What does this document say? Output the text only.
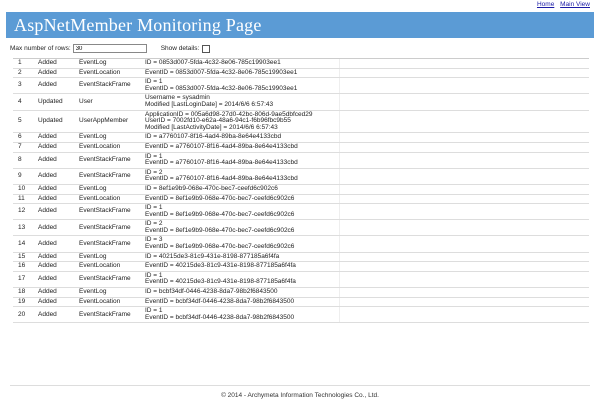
Home Main View
AspNetMember Monitoring Page
Max number of rows:
30	Show details:
1	Added	EventLog	ID = 0853d007-5fda-4c32-8e06-785c19903ee1	

2	Added	EventLocation	EventID = 0853d007-5fda-4c32-8e06-785c19903ee1	

3	Added	EventStackFrame	ID = 1
EventID = 0853d007-5fda-4c32-8e06-785c19903ee1	

4	Updated	User	Username = sysadmin
Modified [LastLoginDate] = 2014/6/6 6:57:43	

5	Updated	UserAppMember	ApplicationID = 005a6d98-27d0-42bc-806d-9ae5dbfced29
UserID = 7002fd10-e62a-48a6-94c1-f6b96fbc9b55
Modified [LastActivityDate] = 2014/6/6 6:57:43	

6	Added	EventLog	ID = a7760107-8f16-4ad4-89ba-8e64e4133cbd	

7	Added	EventLocation	EventID = a7760107-8f16-4ad4-89ba-8e64e4133cbd	

8	Added	EventStackFrame	ID = 1
EventID = a7760107-8f16-4ad4-89ba-8e64e4133cbd	

9	Added	EventStackFrame	ID = 2
EventID = a7760107-8f16-4ad4-89ba-8e64e4133cbd	

10	Added	EventLog	ID = 8ef1e9b9-068e-470c-bec7-ceefd6c902c6	

11	Added	EventLocation	EventID = 8ef1e9b9-068e-470c-bec7-ceefd6c902c6	

12	Added	EventStackFrame	ID = 1
EventID = 8ef1e9b9-068e-470c-bec7-ceefd6c902c6	

13	Added	EventStackFrame	ID = 2
EventID = 8ef1e9b9-068e-470c-bec7-ceefd6c902c6	

14	Added	EventStackFrame	ID = 3
EventID = 8ef1e9b9-068e-470c-bec7-ceefd6c902c6	

15	Added	EventLog	ID = 40215de3-81c9-431e-8198-877185a6f4fa	

16	Added	EventLocation	EventID = 40215de3-81c9-431e-8198-877185a6f4fa	

17	Added	EventStackFrame	ID = 1
EventID = 40215de3-81c9-431e-8198-877185a6f4fa	

18	Added	EventLog	ID = bcbf34df-0446-4238-8da7-98b2f6843500	

19	Added	EventLocation	EventID = bcbf34df-0446-4238-8da7-98b2f6843500	

20	Added	EventStackFrame	ID = 1
EventID = bcbf34df-0446-4238-8da7-98b2f6843500	

© 2014 - Archymeta Information Technologies Co., Ltd.
